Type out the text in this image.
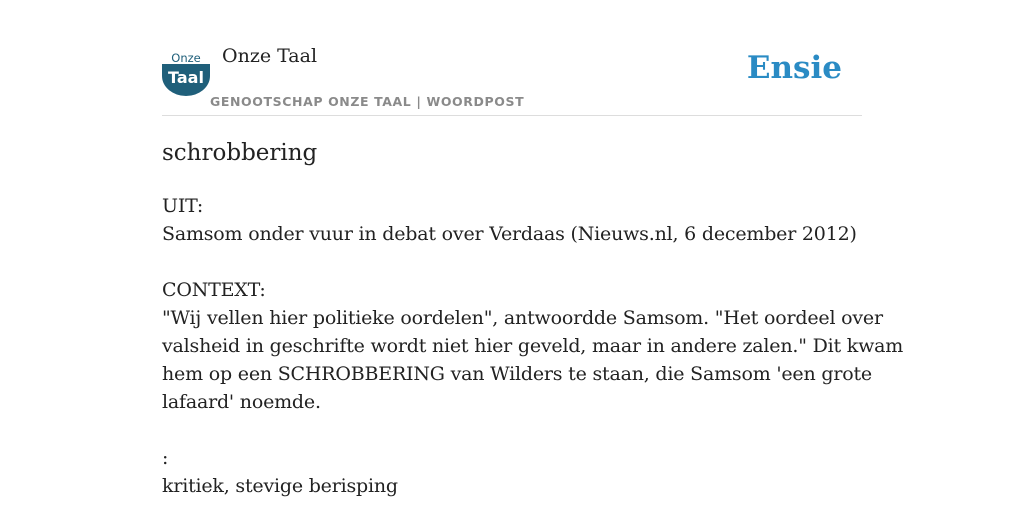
Onze
Taal
Onze Taal
GENOOTSCHAP ONZE TAAL | WOORDPOST
Ensie
schrobbering
UIT:
Samsom onder vuur in debat over Verdaas (Nieuws.nl, 6 december 2012)
CONTEXT:
"Wij vellen hier politieke oordelen", antwoordde Samsom. "Het oordeel over
valsheid in geschrifte wordt niet hier geveld, maar in andere zalen." Dit kwam
hem op een SCHROBBERING van Wilders te staan, die Samsom 'een grote
lafaard' noemde.
:
kritiek, stevige berisping
